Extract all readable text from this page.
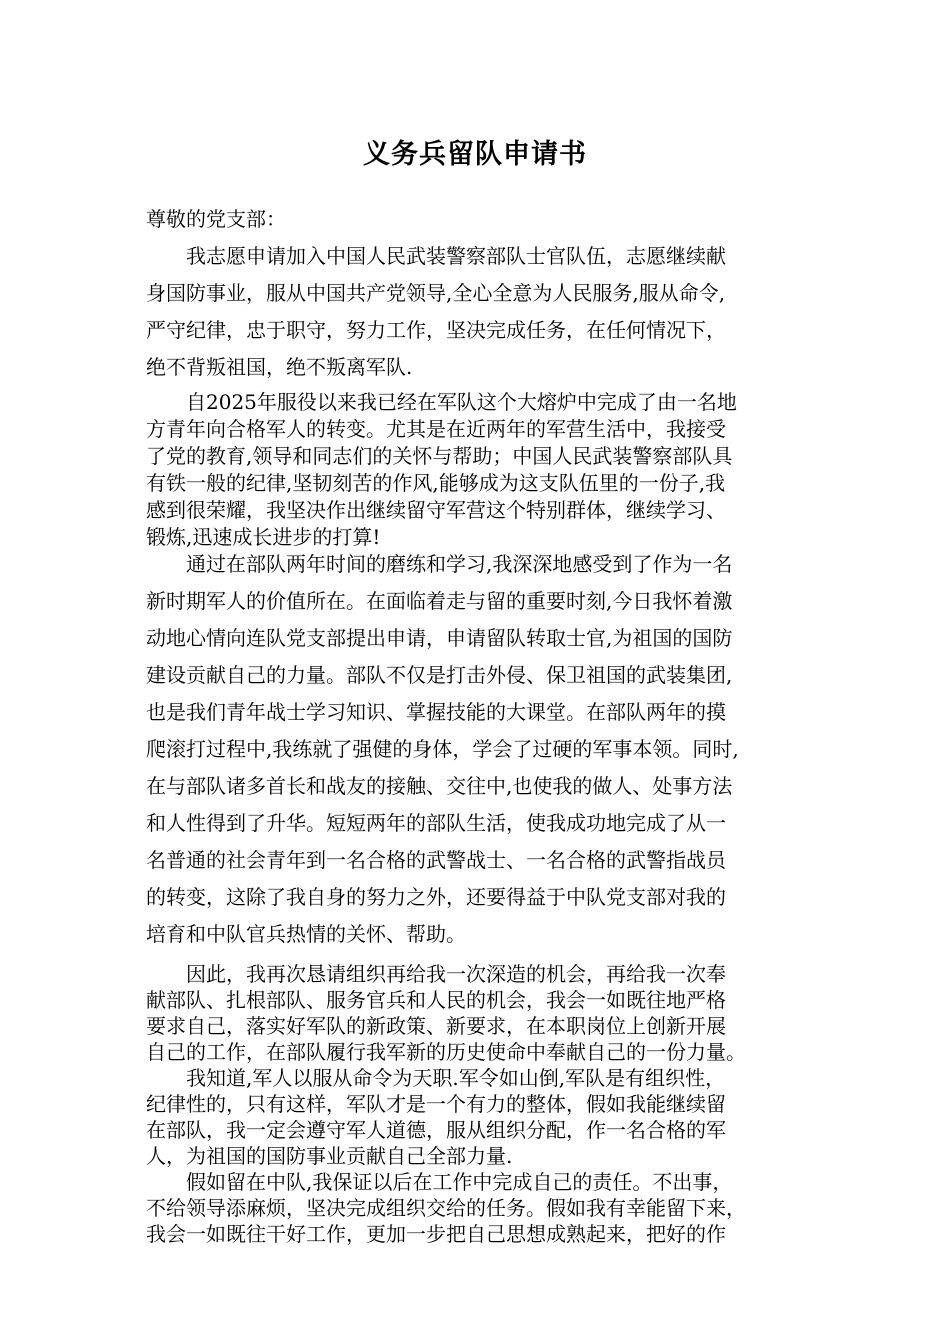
义务兵留队申请书
尊敬的党支部：
我志愿申请加入中国人民武装警察部队士官队伍，志愿继续献
身国防事业，服从中国共产党领导,全心全意为人民服务,服从命令,
严守纪律，忠于职守，努力工作，坚决完成任务，在任何情况下，
绝不背叛祖国，绝不叛离军队.
自2025年服役以来我已经在军队这个大熔炉中完成了由一名地
方青年向合格军人的转变。尤其是在近两年的军营生活中，我接受
了党的教育,领导和同志们的关怀与帮助；中国人民武装警察部队具
有铁一般的纪律,坚韧刻苦的作风,能够成为这支队伍里的一份子,我
感到很荣耀，我坚决作出继续留守军营这个特别群体，继续学习、
锻炼,迅速成长进步的打算!
通过在部队两年时间的磨练和学习,我深深地感受到了作为一名
新时期军人的价值所在。在面临着走与留的重要时刻,今日我怀着激
动地心情向连队党支部提出申请，申请留队转取士官,为祖国的国防
建设贡献自己的力量。部队不仅是打击外侵、保卫祖国的武装集团,
也是我们青年战士学习知识、掌握技能的大课堂。在部队两年的摸
爬滚打过程中,我练就了强健的身体，学会了过硬的军事本领。同时,
在与部队诸多首长和战友的接触、交往中,也使我的做人、处事方法
和人性得到了升华。短短两年的部队生活，使我成功地完成了从一
名普通的社会青年到一名合格的武警战士、一名合格的武警指战员
的转变，这除了我自身的努力之外，还要得益于中队党支部对我的
培育和中队官兵热情的关怀、帮助。
因此，我再次恳请组织再给我一次深造的机会，再给我一次奉
献部队、扎根部队、服务官兵和人民的机会，我会一如既往地严格
要求自己，落实好军队的新政策、新要求，在本职岗位上创新开展
自己的工作，在部队履行我军新的历史使命中奉献自己的一份力量。
我知道,军人以服从命令为天职.军令如山倒,军队是有组织性，
纪律性的，只有这样，军队才是一个有力的整体，假如我能继续留
在部队，我一定会遵守军人道德，服从组织分配，作一名合格的军
人，为祖国的国防事业贡献自己全部力量.
假如留在中队,我保证以后在工作中完成自己的责任。不出事，
不给领导添麻烦，坚决完成组织交给的任务。假如我有幸能留下来，
我会一如既往干好工作，更加一步把自己思想成熟起来，把好的作
